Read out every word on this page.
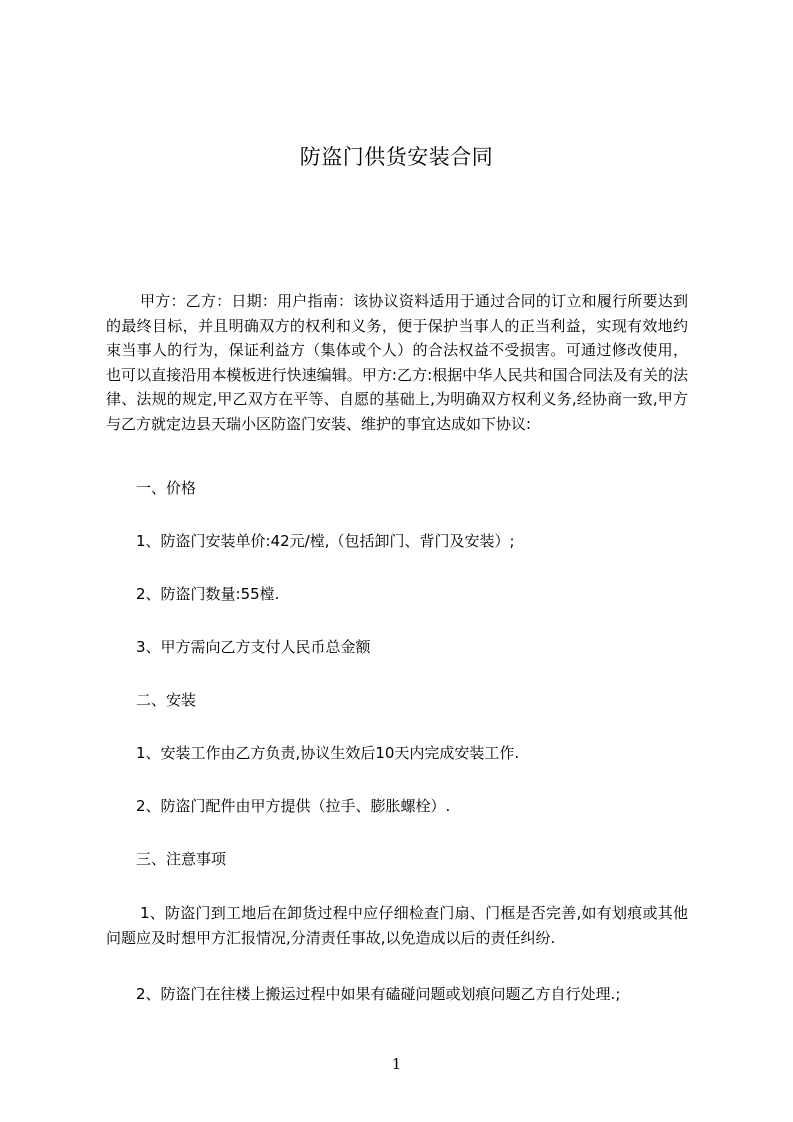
防盗门供货安装合同

甲方：乙方：日期：用户指南：该协议资料适用于通过合同的订立和履行所要达到的最终目标，并且明确双方的权利和义务，便于保护当事人的正当利益，实现有效地约束当事人的行为，保证利益方（集体或个人）的合法权益不受损害。可通过修改使用，也可以直接沿用本模板进行快速编辑。甲方:乙方:根据中华人民共和国合同法及有关的法律、法规的规定,甲乙双方在平等、自愿的基础上,为明确双方权利义务,经协商一致,甲方与乙方就定边县天瑞小区防盗门安装、维护的事宜达成如下协议:

一、价格

1、防盗门安装单价:42元/樘,（包括卸门、背门及安装）;

2、防盗门数量:55樘.

3、甲方需向乙方支付人民币总金额

二、安装

1、安装工作由乙方负责,协议生效后10天内完成安装工作.

2、防盗门配件由甲方提供（拉手、膨胀螺栓）.

三、注意事项

1、防盗门到工地后在卸货过程中应仔细检查门扇、门框是否完善,如有划痕或其他问题应及时想甲方汇报情况,分清责任事故,以免造成以后的责任纠纷.

2、防盗门在往楼上搬运过程中如果有磕碰问题或划痕问题乙方自行处理.;

1
